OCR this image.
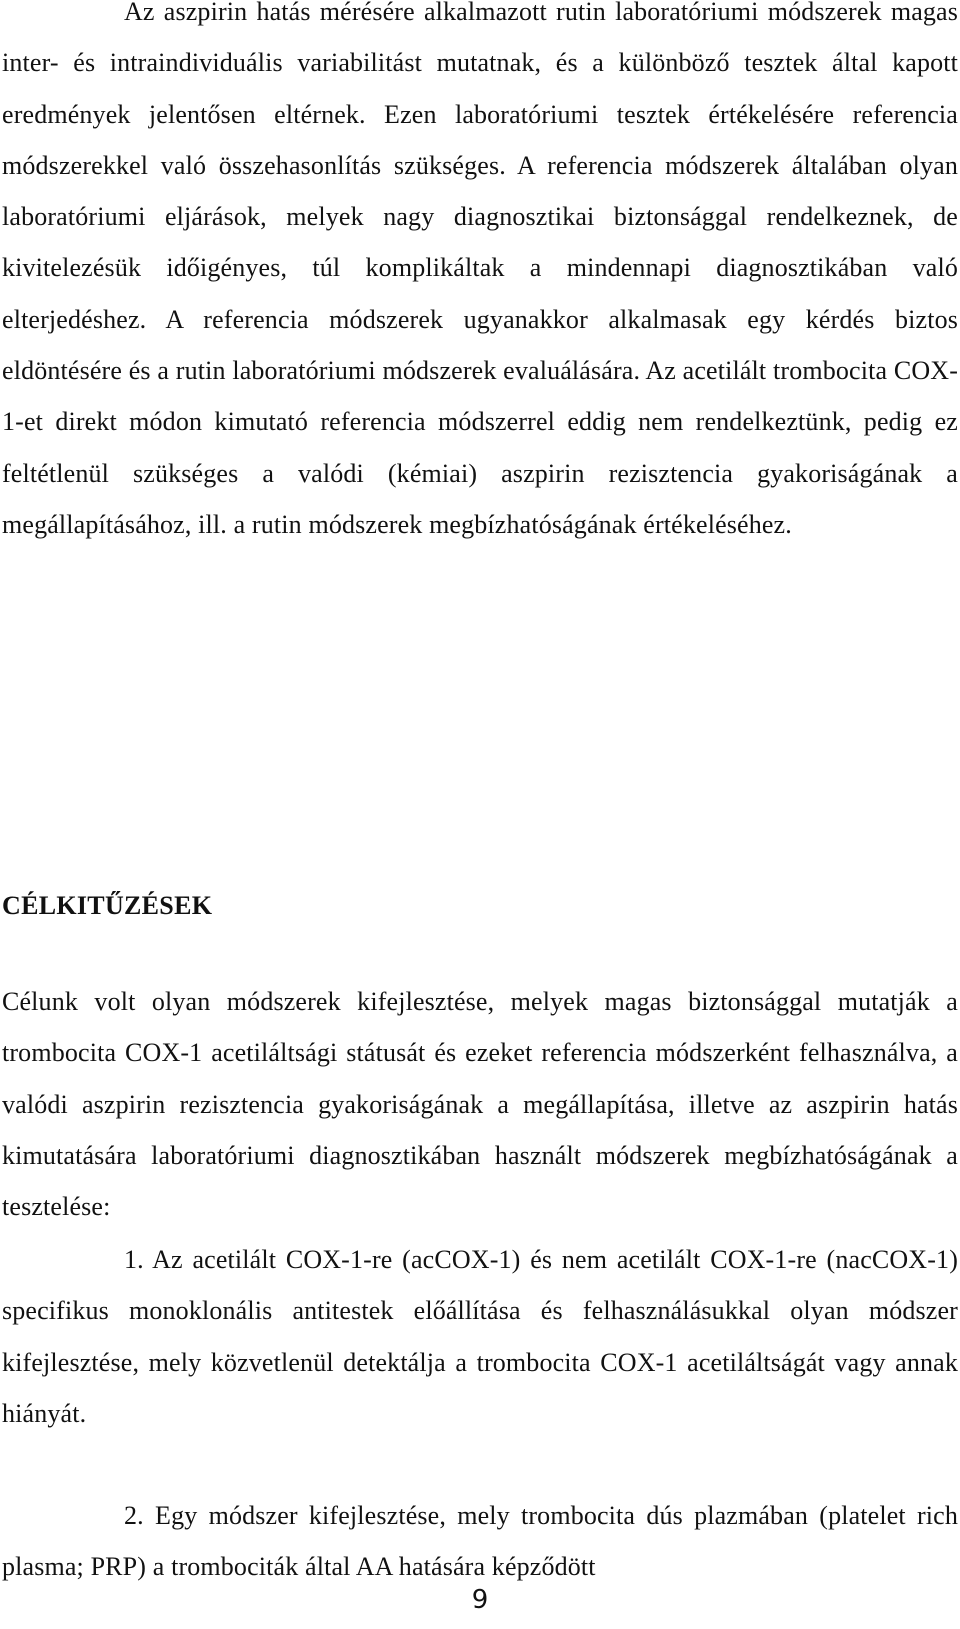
Az aszpirin hatás mérésére alkalmazott rutin laboratóriumi módszerek magas inter- és intraindividuális variabilitást mutatnak, és a különböző tesztek által kapott eredmények jelentősen eltérnek. Ezen laboratóriumi tesztek értékelésére referencia módszerekkel való összehasonlítás szükséges. A referencia módszerek általában olyan laboratóriumi eljárások, melyek nagy diagnosztikai biztonsággal rendelkeznek, de kivitelezésük időigényes, túl komplikáltak a mindennapi diagnosztikában való elterjedéshez. A referencia módszerek ugyanakkor alkalmasak egy kérdés biztos eldöntésére és a rutin laboratóriumi módszerek evaluálására. Az acetilált trombocita COX-1-et direkt módon kimutató referencia módszerrel eddig nem rendelkeztünk, pedig ez feltétlenül szükséges a valódi (kémiai) aszpirin rezisztencia gyakoriságának a megállapításához, ill. a rutin módszerek megbízhatóságának értékeléséhez.

CÉLKITŰZÉSEK

Célunk volt olyan módszerek kifejlesztése, melyek magas biztonsággal mutatják a trombocita COX-1 acetiláltsági státusát és ezeket referencia módszerként felhasználva, a valódi aszpirin rezisztencia gyakoriságának a megállapítása, illetve az aszpirin hatás kimutatására laboratóriumi diagnosztikában használt módszerek megbízhatóságának a tesztelése:

1. Az acetilált COX-1-re (acCOX-1) és nem acetilált COX-1-re (nacCOX-1) specifikus monoklonális antitestek előállítása és felhasználásukkal olyan módszer kifejlesztése, mely közvetlenül detektálja a trombocita COX-1 acetiláltságát vagy annak hiányát.

2. Egy módszer kifejlesztése, mely trombocita dús plazmában (platelet rich plasma; PRP) a trombociták által AA hatására képződött

9
